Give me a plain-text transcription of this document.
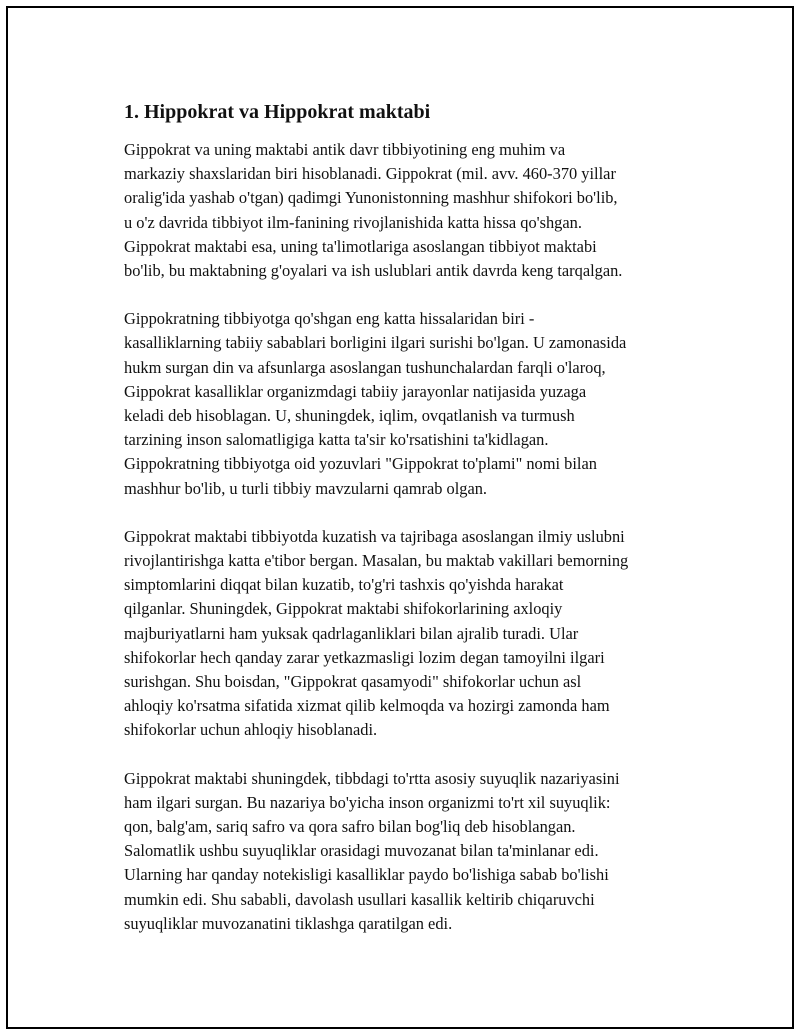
1. Hippokrat va Hippokrat maktabi
Gippokrat va uning maktabi antik davr tibbiyotining eng muhim va
markaziy shaxslaridan biri hisoblanadi. Gippokrat (mil. avv. 460-370 yillar
oralig'ida yashab o'tgan) qadimgi Yunonistonning mashhur shifokori bo'lib,
u o'z davrida tibbiyot ilm-fanining rivojlanishida katta hissa qo'shgan.
Gippokrat maktabi esa, uning ta'limotlariga asoslangan tibbiyot maktabi
bo'lib, bu maktabning g'oyalari va ish uslublari antik davrda keng tarqalgan.
Gippokratning tibbiyotga qo'shgan eng katta hissalaridan biri -
kasalliklarning tabiiy sabablari borligini ilgari surishi bo'lgan. U zamonasida
hukm surgan din va afsunlarga asoslangan tushunchalardan farqli o'laroq,
Gippokrat kasalliklar organizmdagi tabiiy jarayonlar natijasida yuzaga
keladi deb hisoblagan. U, shuningdek, iqlim, ovqatlanish va turmush
tarzining inson salomatligiga katta ta'sir ko'rsatishini ta'kidlagan.
Gippokratning tibbiyotga oid yozuvlari "Gippokrat to'plami" nomi bilan
mashhur bo'lib, u turli tibbiy mavzularni qamrab olgan.
Gippokrat maktabi tibbiyotda kuzatish va tajribaga asoslangan ilmiy uslubni
rivojlantirishga katta e'tibor bergan. Masalan, bu maktab vakillari bemorning
simptomlarini diqqat bilan kuzatib, to'g'ri tashxis qo'yishda harakat
qilganlar. Shuningdek, Gippokrat maktabi shifokorlarining axloqiy
majburiyatlarni ham yuksak qadrlaganliklari bilan ajralib turadi. Ular
shifokorlar hech qanday zarar yetkazmasligi lozim degan tamoyilni ilgari
surishgan. Shu boisdan, "Gippokrat qasamyodi" shifokorlar uchun asl
ahloqiy ko'rsatma sifatida xizmat qilib kelmoqda va hozirgi zamonda ham
shifokorlar uchun ahloqiy hisoblanadi.
Gippokrat maktabi shuningdek, tibbdagi to'rtta asosiy suyuqlik nazariyasini
ham ilgari surgan. Bu nazariya bo'yicha inson organizmi to'rt xil suyuqlik:
qon, balg'am, sariq safro va qora safro bilan bog'liq deb hisoblangan.
Salomatlik ushbu suyuqliklar orasidagi muvozanat bilan ta'minlanar edi.
Ularning har qanday notekisligi kasalliklar paydo bo'lishiga sabab bo'lishi
mumkin edi. Shu sababli, davolash usullari kasallik keltirib chiqaruvchi
suyuqliklar muvozanatini tiklashga qaratilgan edi.
